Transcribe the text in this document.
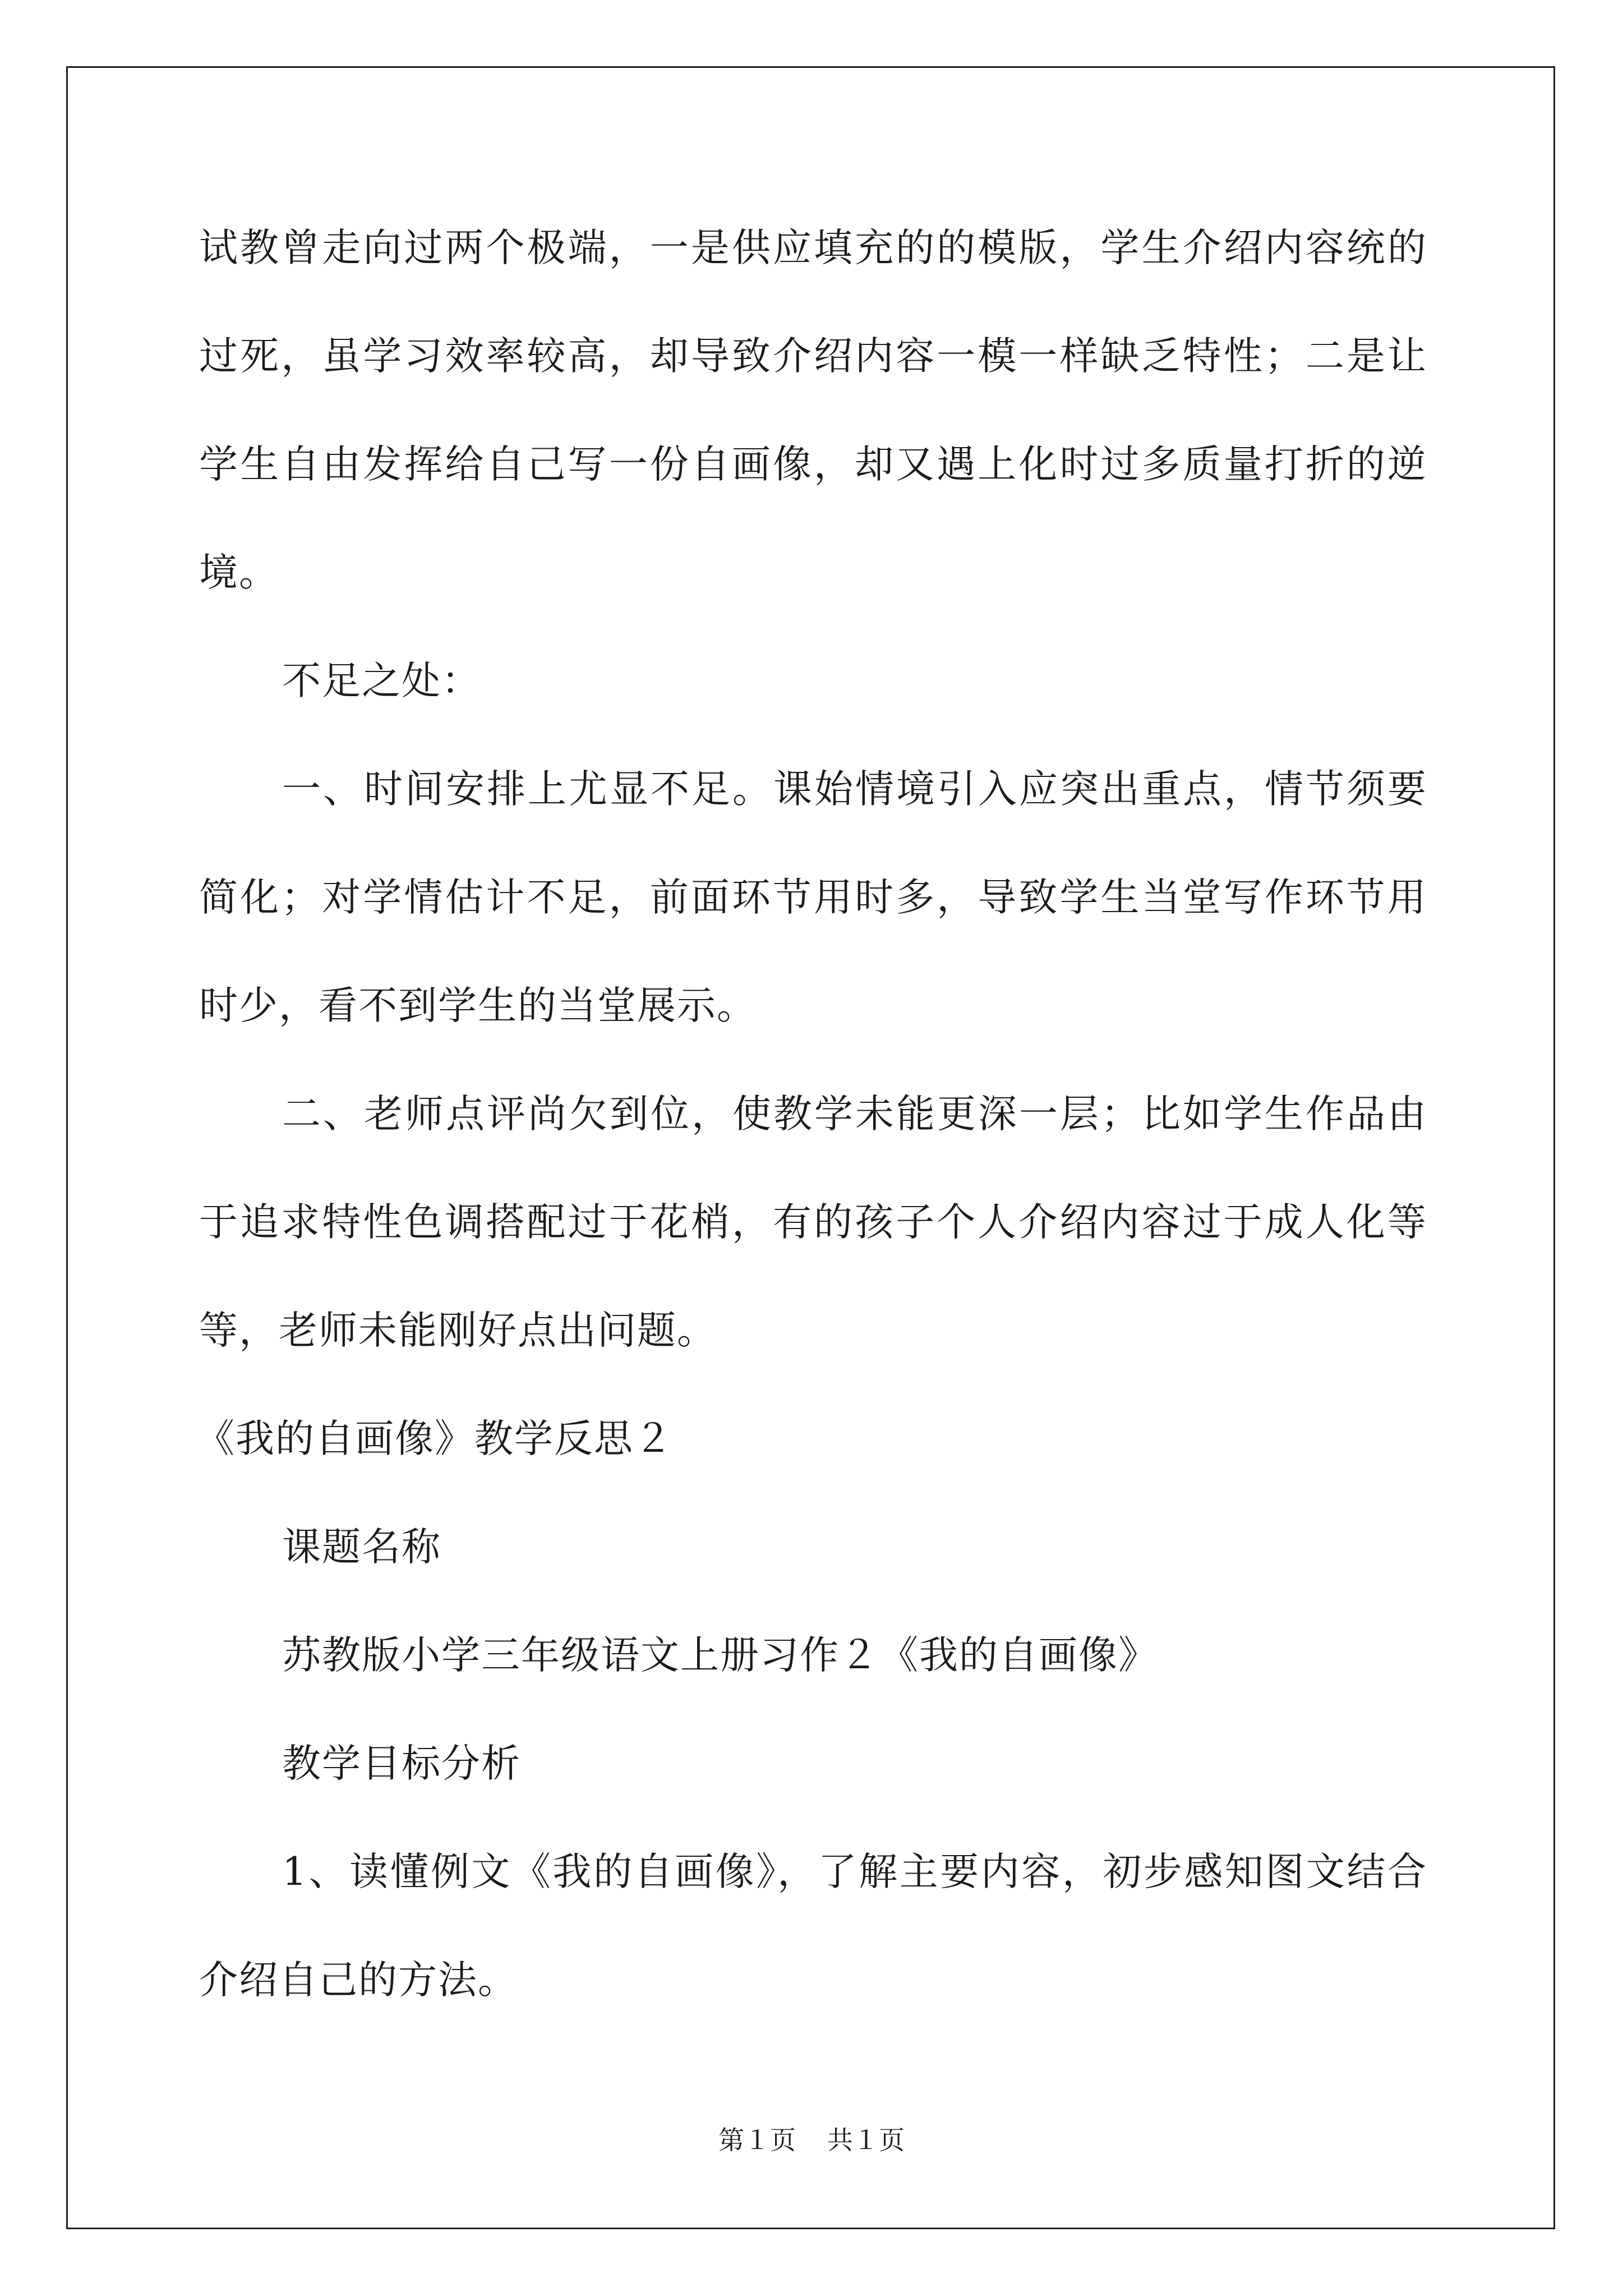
试教曾走向过两个极端，一是供应填充的的模版，学生介绍内容统的
过死，虽学习效率较高，却导致介绍内容一模一样缺乏特性；二是让
学生自由发挥给自己写一份自画像，却又遇上化时过多质量打折的逆
境。
不足之处：
一、时间安排上尤显不足。课始情境引入应突出重点，情节须要
简化；对学情估计不足，前面环节用时多，导致学生当堂写作环节用
时少，看不到学生的当堂展示。
二、老师点评尚欠到位，使教学未能更深一层；比如学生作品由
于追求特性色调搭配过于花梢，有的孩子个人介绍内容过于成人化等
等，老师未能刚好点出问题。
《我的自画像》教学反思２
课题名称
苏教版小学三年级语文上册习作２《我的自画像》
教学目标分析
1、读懂例文《我的自画像》，了解主要内容，初步感知图文结合
介绍自己的方法。
第１页 共１页
